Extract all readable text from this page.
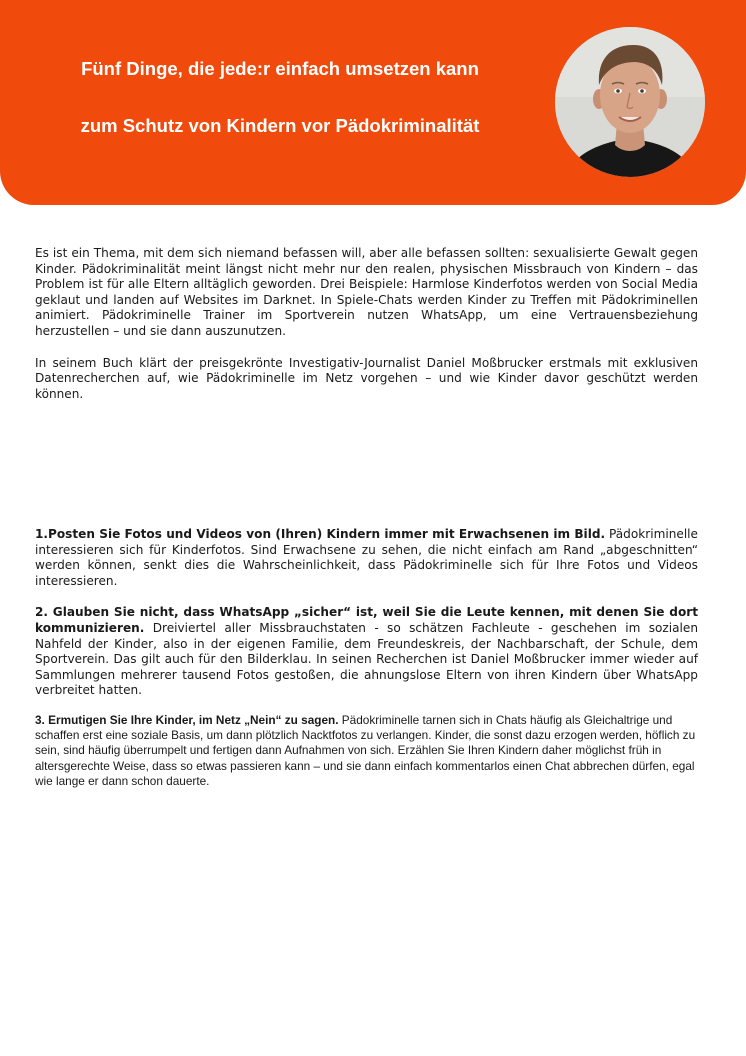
Fünf Dinge, die jede:r einfach umsetzen kann
zum Schutz von Kindern vor Pädokriminalität

Es ist ein Thema, mit dem sich niemand befassen will, aber alle befassen sollten: sexualisierte Gewalt gegen Kinder. Pädokriminalität meint längst nicht mehr nur den realen, physischen Missbrauch von Kindern – das Problem ist für alle Eltern alltäglich geworden. Drei Beispiele: Harmlose Kinderfotos werden von Social Media geklaut und landen auf Websites im Darknet. In Spiele-Chats werden Kinder zu Treffen mit Pädokriminellen animiert. Pädokriminelle Trainer im Sportverein nutzen WhatsApp, um eine Vertrauensbeziehung herzustellen – und sie dann auszunutzen.

In seinem Buch klärt der preisgekrönte Investigativ-Journalist Daniel Moßbrucker erstmals mit exklusiven Datenrecherchen auf, wie Pädokriminelle im Netz vorgehen – und wie Kinder davor geschützt werden können.

1.Posten Sie Fotos und Videos von (Ihren) Kindern immer mit Erwachsenen im Bild. Pädokriminelle interessieren sich für Kinderfotos. Sind Erwachsene zu sehen, die nicht einfach am Rand „abgeschnitten“ werden können, senkt dies die Wahrscheinlichkeit, dass Pädokriminelle sich für Ihre Fotos und Videos interessieren.

2. Glauben Sie nicht, dass WhatsApp „sicher“ ist, weil Sie die Leute kennen, mit denen Sie dort kommunizieren. Dreiviertel aller Missbrauchstaten - so schätzen Fachleute - geschehen im sozialen Nahfeld der Kinder, also in der eigenen Familie, dem Freundeskreis, der Nachbarschaft, der Schule, dem Sportverein. Das gilt auch für den Bilderklau. In seinen Recherchen ist Daniel Moßbrucker immer wieder auf Sammlungen mehrerer tausend Fotos gestoßen, die ahnungslose Eltern von ihren Kindern über WhatsApp verbreitet hatten.

3. Ermutigen Sie Ihre Kinder, im Netz „Nein“ zu sagen. Pädokriminelle tarnen sich in Chats häufig als Gleichaltrige und schaffen erst eine soziale Basis, um dann plötzlich Nacktfotos zu verlangen. Kinder, die sonst dazu erzogen werden, höflich zu sein, sind häufig überrumpelt und fertigen dann Aufnahmen von sich. Erzählen Sie Ihren Kindern daher möglichst früh in altersgerechte Weise, dass so etwas passieren kann – und sie dann einfach kommentarlos einen Chat abbrechen dürfen, egal wie lange er dann schon dauerte.
